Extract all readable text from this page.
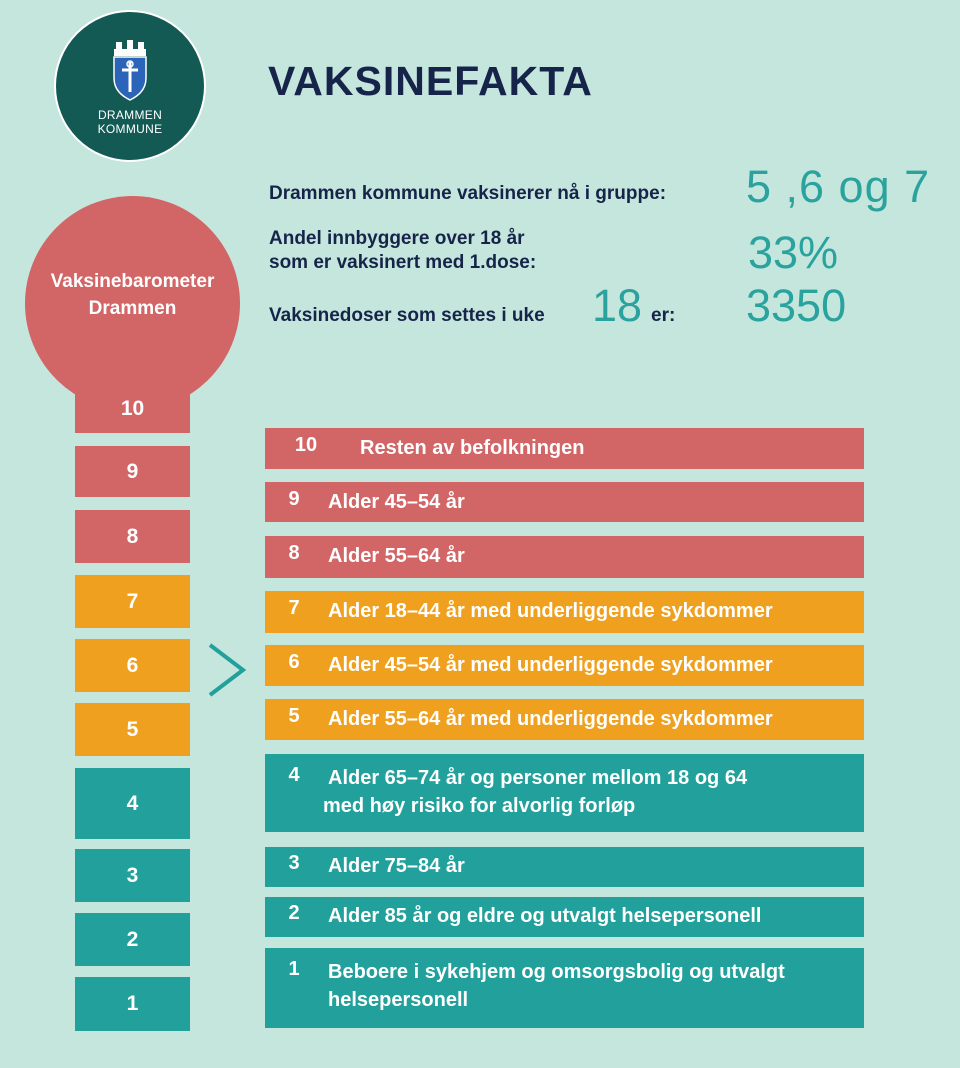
DRAMMEN
KOMMUNE
VAKSINEFAKTA
Drammen kommune vaksinerer nå i gruppe: 5 ,6 og 7
Andel innbyggere over 18 år
som er vaksinert med 1.dose:	33%
Vaksinedoser som settes i uke 18 er: 3350
Vaksinebarometer
Drammen
10
9
8
7
6
5
4
3
2
1
10	Resten av befolkningen
9	Alder 45–54 år
8	Alder 55–64 år
7	Alder 18–44 år med underliggende sykdommer
6	Alder 45–54 år med underliggende sykdommer
5	Alder 55–64 år med underliggende sykdommer
4	Alder 65–74 år og personer mellom 18 og 64
med høy risiko for alvorlig forløp
3	Alder 75–84 år
2	Alder 85 år og eldre og utvalgt helsepersonell
1	Beboere i sykehjem og omsorgsbolig og utvalgt
helsepersonell
